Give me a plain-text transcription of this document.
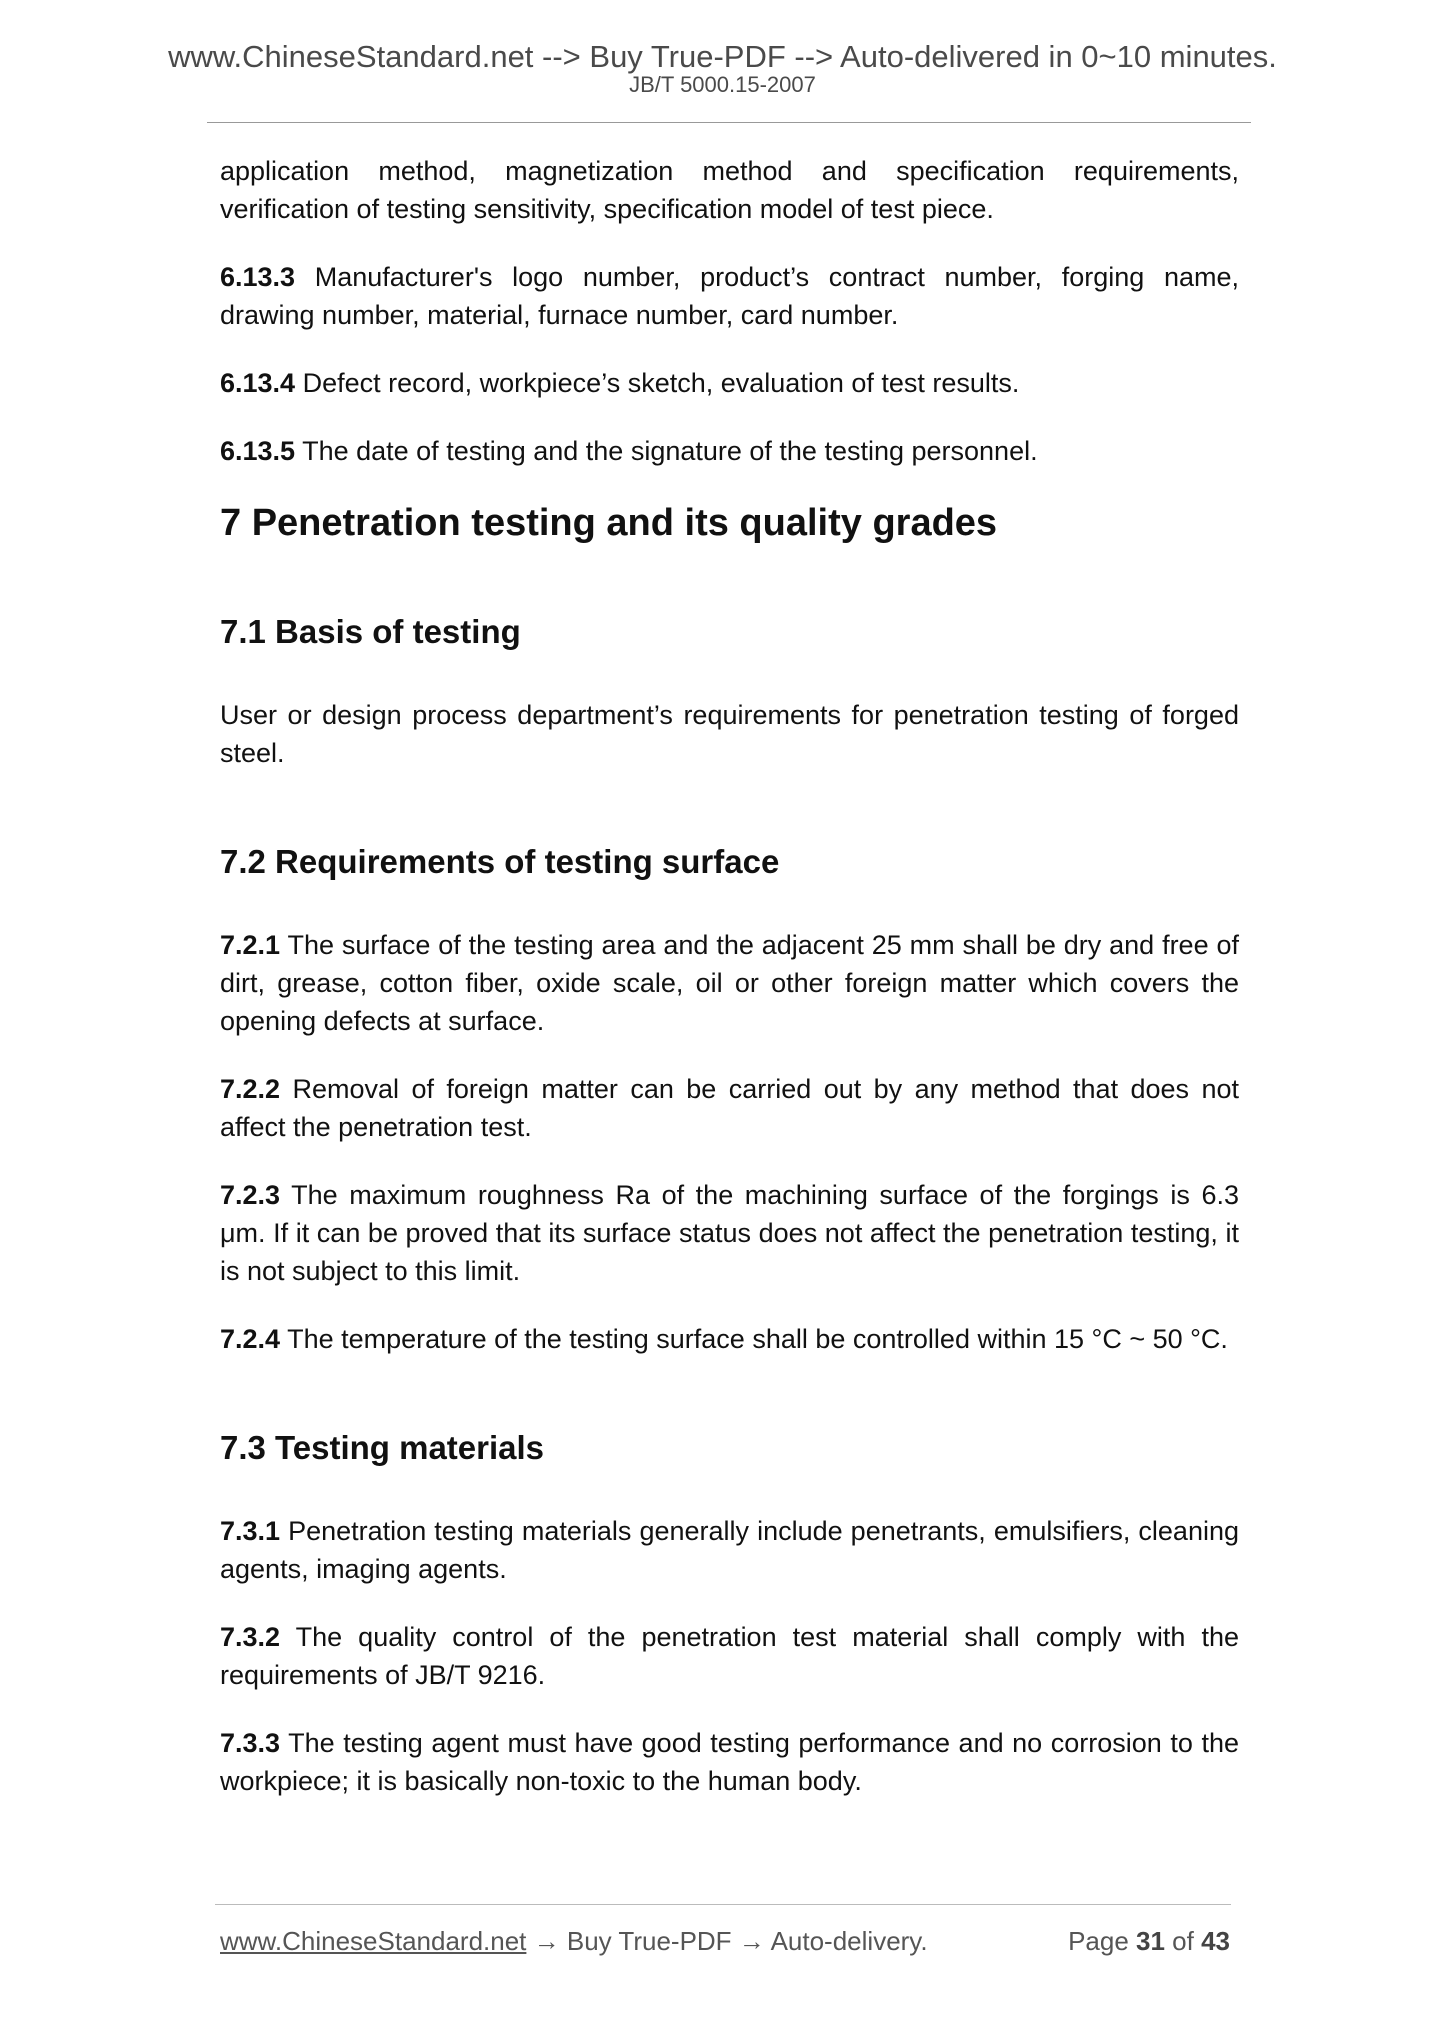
www.ChineseStandard.net --> Buy True-PDF --> Auto-delivered in 0~10 minutes.
JB/T 5000.15-2007

application method, magnetization method and specification requirements, verification of testing sensitivity, specification model of test piece.

6.13.3 Manufacturer's logo number, product’s contract number, forging name, drawing number, material, furnace number, card number.

6.13.4 Defect record, workpiece’s sketch, evaluation of test results.

6.13.5 The date of testing and the signature of the testing personnel.

7 Penetration testing and its quality grades
7.1 Basis of testing

User or design process department’s requirements for penetration testing of forged steel.

7.2 Requirements of testing surface

7.2.1 The surface of the testing area and the adjacent 25 mm shall be dry and free of dirt, grease, cotton fiber, oxide scale, oil or other foreign matter which covers the opening defects at surface.

7.2.2 Removal of foreign matter can be carried out by any method that does not affect the penetration test.

7.2.3 The maximum roughness Ra of the machining surface of the forgings is 6.3 μm. If it can be proved that its surface status does not affect the penetration testing, it is not subject to this limit.

7.2.4 The temperature of the testing surface shall be controlled within 15 °C ~ 50 °C.

7.3 Testing materials

7.3.1 Penetration testing materials generally include penetrants, emulsifiers, cleaning agents, imaging agents.

7.3.2 The quality control of the penetration test material shall comply with the requirements of JB/T 9216.

7.3.3 The testing agent must have good testing performance and no corrosion to the workpiece; it is basically non-toxic to the human body.

www.ChineseStandard.net → Buy True-PDF → Auto-delivery.	Page 31 of 43
